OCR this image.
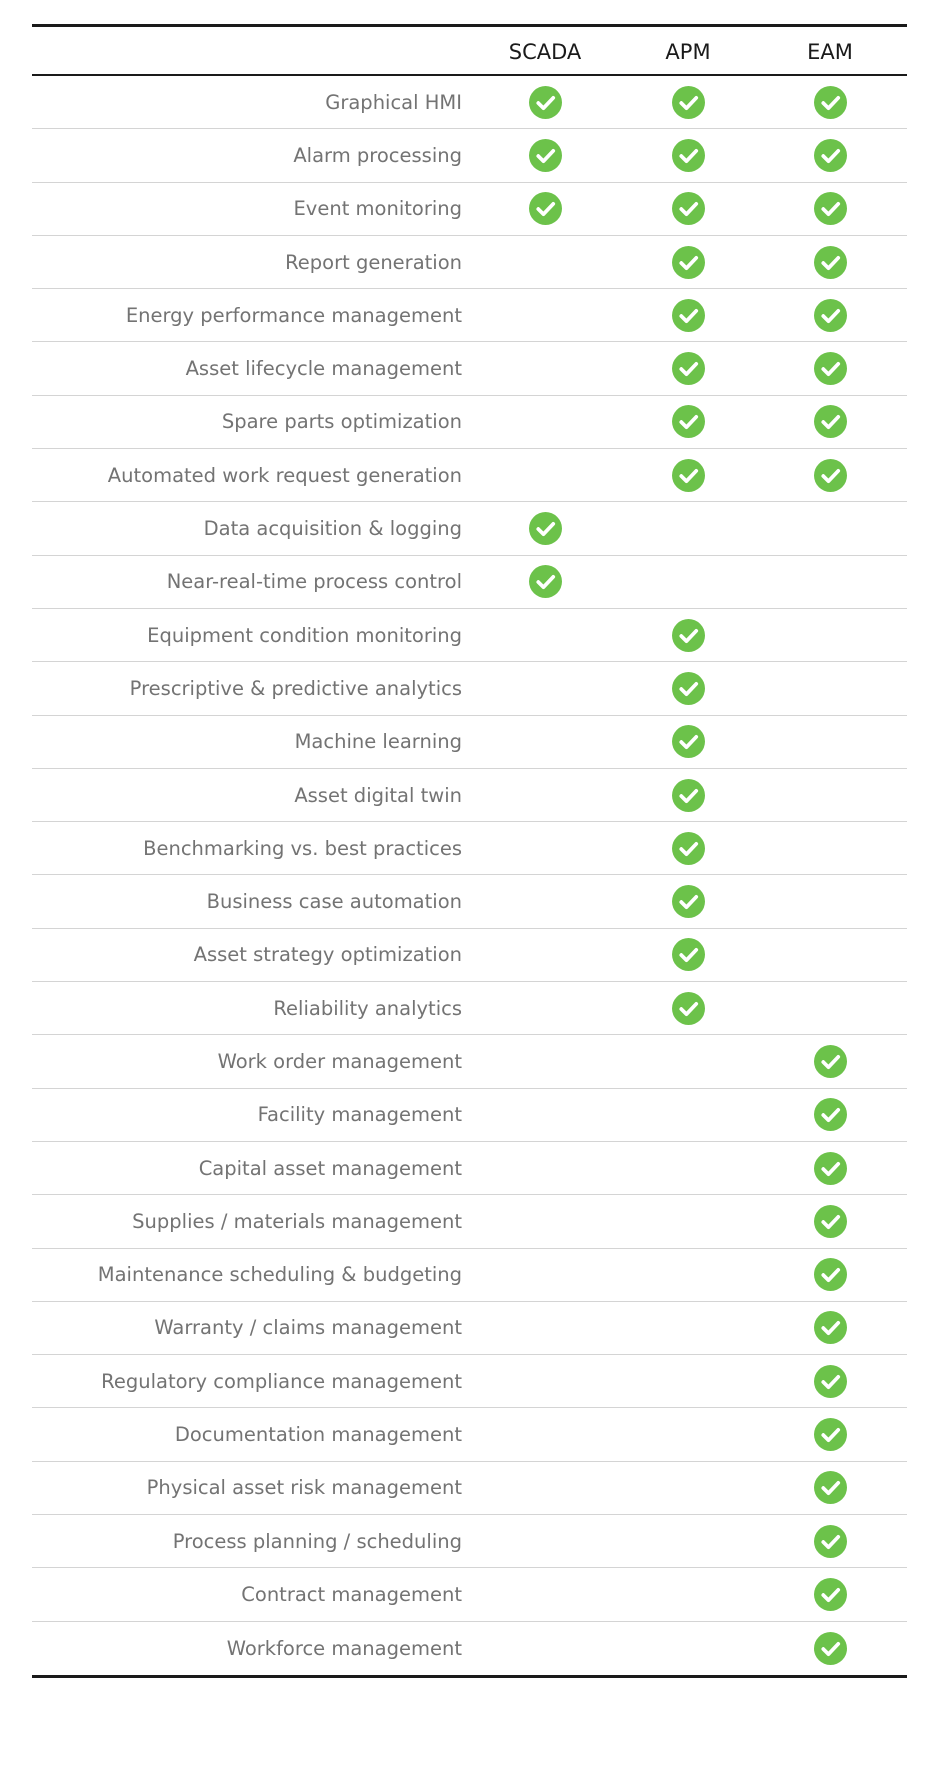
SCADA	APM	EAM
Graphical HMI
Alarm processing
Event monitoring
Report generation
Energy performance management
Asset lifecycle management
Spare parts optimization
Automated work request generation
Data acquisition & logging
Near-real-time process control
Equipment condition monitoring
Prescriptive & predictive analytics
Machine learning
Asset digital twin
Benchmarking vs. best practices
Business case automation
Asset strategy optimization
Reliability analytics
Work order management
Facility management
Capital asset management
Supplies / materials management
Maintenance scheduling & budgeting
Warranty / claims management
Regulatory compliance management
Documentation management
Physical asset risk management
Process planning / scheduling
Contract management
Workforce management
